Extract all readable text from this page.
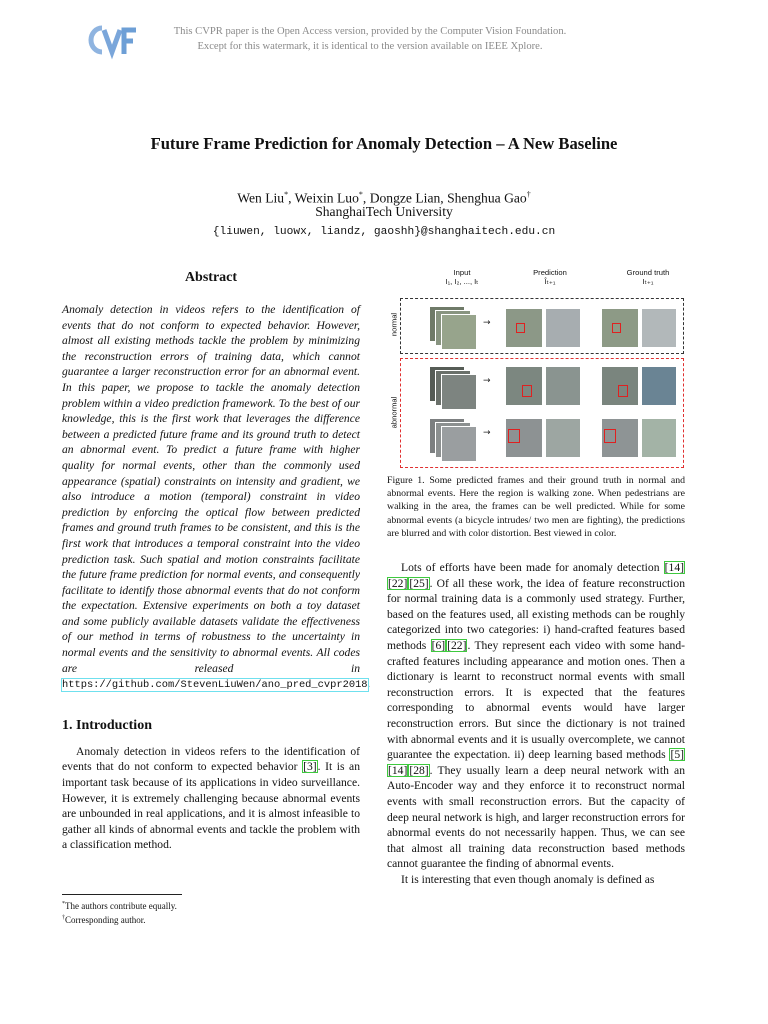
This CVPR paper is the Open Access version, provided by the Computer Vision Foundation.
Except for this watermark, it is identical to the version available on IEEE Xplore.
Future Frame Prediction for Anomaly Detection – A New Baseline
Wen Liu*, Weixin Luo*, Dongze Lian, Shenghua Gao†
ShanghaiTech University
{liuwen, luowx, liandz, gaoshh}@shanghaitech.edu.cn
Abstract

Anomaly detection in videos refers to the identification of events that do not conform to expected behavior. However, almost all existing methods tackle the problem by minimizing the reconstruction errors of training data, which cannot guarantee a larger reconstruction error for an abnormal event. In this paper, we propose to tackle the anomaly detection problem within a video prediction framework. To the best of our knowledge, this is the first work that leverages the difference between a predicted future frame and its ground truth to detect an abnormal event. To predict a future frame with higher quality for normal events, other than the commonly used appearance (spatial) constraints on intensity and gradient, we also introduce a motion (temporal) constraint in video prediction by enforcing the optical flow between predicted frames and ground truth frames to be consistent, and this is the first work that introduces a temporal constraint into the video prediction task. Such spatial and motion constraints facilitate the future frame prediction for normal events, and consequently facilitate to identify those abnormal events that do not conform the expectation. Extensive experiments on both a toy dataset and some publicly available datasets validate the effectiveness of our method in terms of robustness to the uncertainty in normal events and the sensitivity to abnormal events. All codes are released in https://github.com/StevenLiuWen/ano_pred_cvpr2018.

1. Introduction

Anomaly detection in videos refers to the identification of events that do not conform to expected behavior [3]. It is an important task because of its applications in video surveillance. However, it is extremely challenging because abnormal events are unbounded in real applications, and it is almost infeasible to gather all kinds of abnormal events and tackle the problem with a classification method.

*The authors contribute equally.
†Corresponding author.
Input
I₁, I₂, ..., Iₜ
Prediction
Îₜ₊₁
Ground truth
Iₜ₊₁
normal
abnormal
→
→
→

Figure 1. Some predicted frames and their ground truth in normal and abnormal events. Here the region is walking zone. When pedestrians are walking in the area, the frames can be well predicted. While for some abnormal events (a bicycle intrudes/ two men are fighting), the predictions are blurred and with color distortion. Best viewed in color.

Lots of efforts have been made for anomaly detection [14][22] [25]. Of all these work, the idea of feature reconstruction for normal training data is a commonly used strategy. Further, based on the features used, all existing methods can be roughly categorized into two categories: i) hand-crafted features based methods [6] [22]. They represent each video with some hand-crafted features including appearance and motion ones. Then a dictionary is learnt to reconstruct normal events with small reconstruction errors. It is expected that the features corresponding to abnormal events would have larger reconstruction errors. But since the dictionary is not trained with abnormal events and it is usually overcomplete, we cannot guarantee the expectation. ii) deep learning based methods [5][14] [28]. They usually learn a deep neural network with an Auto-Encoder way and they enforce it to reconstruct normal events with small reconstruction errors. But the capacity of deep neural network is high, and larger reconstruction errors for abnormal events do not necessarily happen. Thus, we can see that almost all training data reconstruction based methods cannot guarantee the finding of abnormal events.

It is interesting that even though anomaly is defined as
